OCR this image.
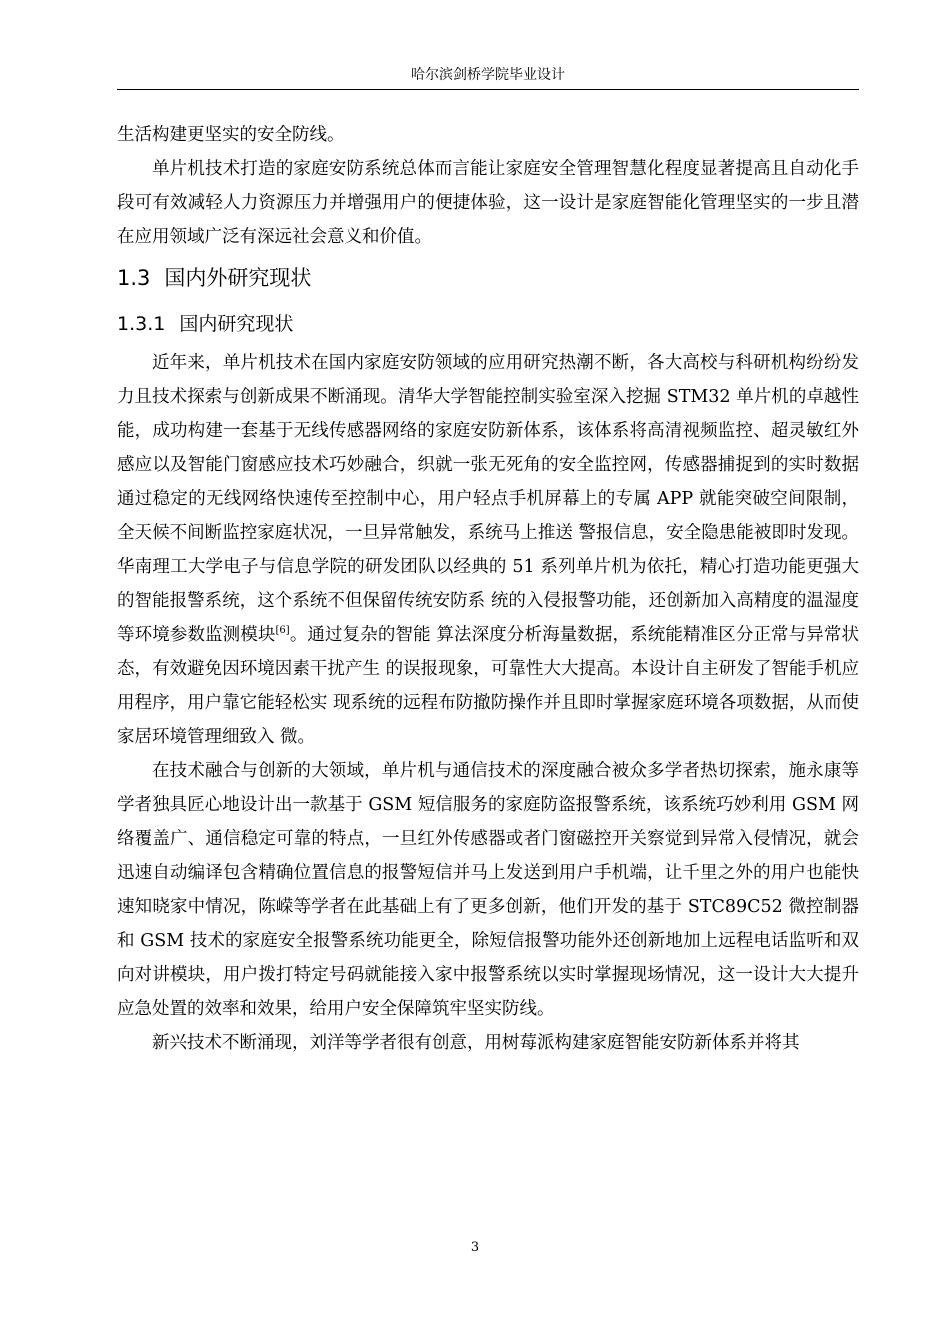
哈尔滨剑桥学院毕业设计

生活构建更坚实的安全防线。

单片机技术打造的家庭安防系统总体而言能让家庭安全管理智慧化程度显著提高且自动化手段可有效减轻人力资源压力并增强用户的便捷体验，这一设计是家庭智能化管理坚实的一步且潜在应用领域广泛有深远社会意义和价值。

1.3 国内外研究现状
1.3.1 国内研究现状

近年来，单片机技术在国内家庭安防领域的应用研究热潮不断，各大高校与科研机构纷纷发力且技术探索与创新成果不断涌现。清华大学智能控制实验室深入挖掘 STM32 单片机的卓越性能，成功构建一套基于无线传感器网络的家庭安防新体系，该体系将高清视频监控、超灵敏红外感应以及智能门窗感应技术巧妙融合，织就一张无死角的安全监控网，传感器捕捉到的实时数据通过稳定的无线网络快速传至控制中心，用户轻点手机屏幕上的专属 APP 就能突破空间限制，全天候不间断监控家庭状况，一旦异常触发，系统马上推送 警报信息，安全隐患能被即时发现。华南理工大学电子与信息学院的研发团队以经典的 51 系列单片机为依托，精心打造功能更强大的智能报警系统，这个系统不但保留传统安防系 统的入侵报警功能，还创新加入高精度的温湿度等环境参数监测模块[6]。通过复杂的智能 算法深度分析海量数据，系统能精准区分正常与异常状态，有效避免因环境因素干扰产生 的误报现象，可靠性大大提高。本设计自主研发了智能手机应用程序，用户靠它能轻松实 现系统的远程布防撤防操作并且即时掌握家庭环境各项数据，从而使家居环境管理细致入 微。

在技术融合与创新的大领域，单片机与通信技术的深度融合被众多学者热切探索，施永康等学者独具匠心地设计出一款基于 GSM 短信服务的家庭防盗报警系统，该系统巧妙利用 GSM 网络覆盖广、通信稳定可靠的特点，一旦红外传感器或者门窗磁控开关察觉到异常入侵情况，就会迅速自动编译包含精确位置信息的报警短信并马上发送到用户手机端，让千里之外的用户也能快速知晓家中情况，陈嵘等学者在此基础上有了更多创新，他们开发的基于 STC89C52 微控制器和 GSM 技术的家庭安全报警系统功能更全，除短信报警功能外还创新地加上远程电话监听和双向对讲模块，用户拨打特定号码就能接入家中报警系统以实时掌握现场情况，这一设计大大提升应急处置的效率和效果，给用户安全保障筑牢坚实防线。

新兴技术不断涌现，刘洋等学者很有创意，用树莓派构建家庭智能安防新体系并将其

3
